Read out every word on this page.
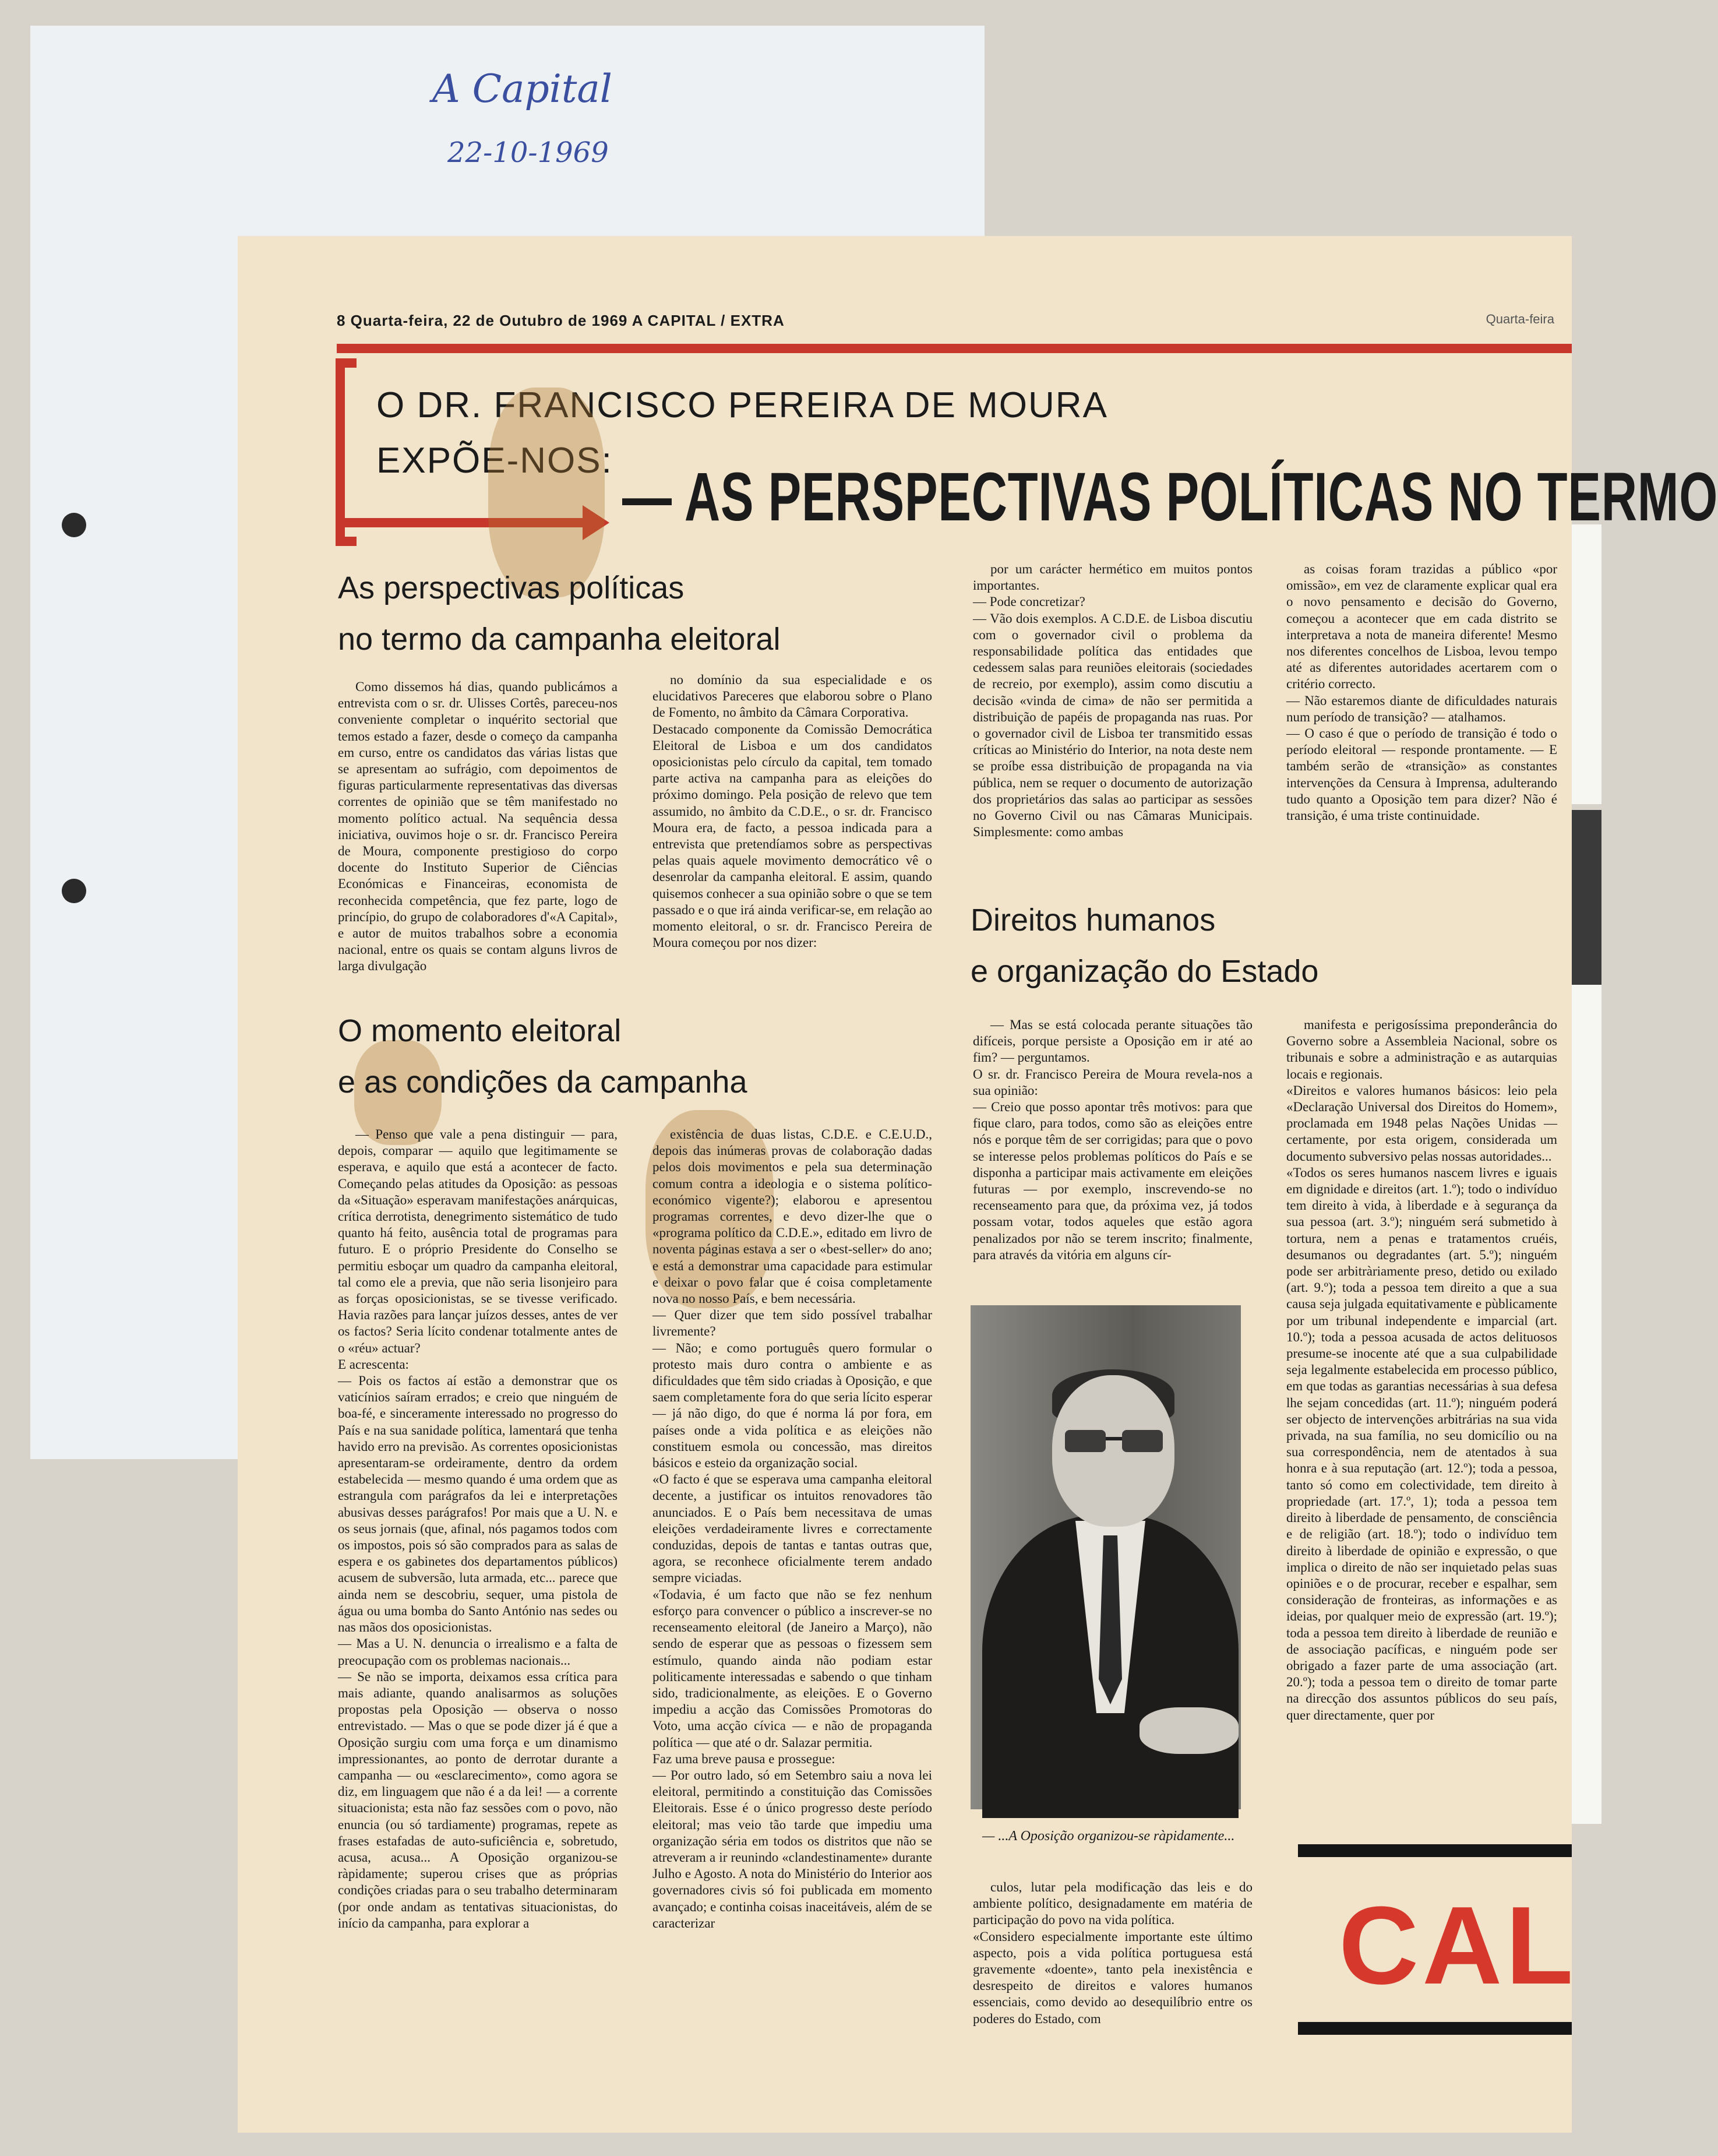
A Capital
22-10-1969
8 Quarta-feira, 22 de Outubro de 1969 A CAPITAL / EXTRA	Quarta-feira
O DR. FRANCISCO PEREIRA DE MOURA
EXPÕE-NOS: — AS PERSPECTIVAS POLÍTICAS NO TERMO
As perspectivas políticas
no termo da campanha eleitoral

Como dissemos há dias, quando publicámos a entrevista com o sr. dr. Ulisses Cortês, pareceu-nos conveniente completar o inquérito sectorial que temos estado a fazer, desde o começo da campanha em curso, entre os candidatos das várias listas que se apresentam ao sufrágio, com depoimentos de figuras particularmente representativas das diversas correntes de opinião que se têm manifestado no momento político actual. Na sequência dessa iniciativa, ouvimos hoje o sr. dr. Francisco Pereira de Moura, componente prestigioso do corpo docente do Instituto Superior de Ciências Económicas e Financeiras, economista de reconhecida competência, que fez parte, logo de princípio, do grupo de colaboradores d'«A Capital», e autor de muitos trabalhos sobre a economia nacional, entre os quais se contam alguns livros de larga divulgação

no domínio da sua especialidade e os elucidativos Pareceres que elaborou sobre o Plano de Fomento, no âmbito da Câmara Corporativa.
Destacado componente da Comissão Democrática Eleitoral de Lisboa e um dos candidatos oposicionistas pelo círculo da capital, tem tomado parte activa na campanha para as eleições do próximo domingo. Pela posição de relevo que tem assumido, no âmbito da C.D.E., o sr. dr. Francisco Moura era, de facto, a pessoa indicada para a entrevista que pretendíamos sobre as perspectivas pelas quais aquele movimento democrático vê o desenrolar da campanha eleitoral. E assim, quando quisemos conhecer a sua opinião sobre o que se tem passado e o que irá ainda verificar-se, em relação ao momento eleitoral, o sr. dr. Francisco Pereira de Moura começou por nos dizer:

por um carácter hermético em muitos pontos importantes.
— Pode concretizar?
— Vão dois exemplos. A C.D.E. de Lisboa discutiu com o governador civil o problema da responsabilidade política das entidades que cedessem salas para reuniões eleitorais (sociedades de recreio, por exemplo), assim como discutiu a decisão «vinda de cima» de não ser permitida a distribuição de papéis de propaganda nas ruas. Por o governador civil de Lisboa ter transmitido essas críticas ao Ministério do Interior, na nota deste nem se proíbe essa distribuição de propaganda na via pública, nem se requer o documento de autorização dos proprietários das salas ao participar as sessões no Governo Civil ou nas Câmaras Municipais. Simplesmente: como ambas

as coisas foram trazidas a público «por omissão», em vez de claramente explicar qual era o novo pensamento e decisão do Governo, começou a acontecer que em cada distrito se interpretava a nota de maneira diferente! Mesmo nos diferentes concelhos de Lisboa, levou tempo até as diferentes autoridades acertarem com o critério correcto.
— Não estaremos diante de dificuldades naturais num período de transição? — atalhamos.
— O caso é que o período de transição é todo o período eleitoral — responde prontamente. — E também serão de «transição» as constantes intervenções da Censura à Imprensa, adulterando tudo quanto a Oposição tem para dizer? Não é transição, é uma triste continuidade.

O momento eleitoral
e as condições da campanha
Direitos humanos
e organização do Estado

— Penso que vale a pena distinguir — para, depois, comparar — aquilo que legitimamente se esperava, e aquilo que está a acontecer de facto. Começando pelas atitudes da Oposição: as pessoas da «Situação» esperavam manifestações anárquicas, crítica derrotista, denegrimento sistemático de tudo quanto há feito, ausência total de programas para futuro. E o próprio Presidente do Conselho se permitiu esboçar um quadro da campanha eleitoral, tal como ele a previa, que não seria lisonjeiro para as forças oposicionistas, se se tivesse verificado. Havia razões para lançar juízos desses, antes de ver os factos? Seria lícito condenar totalmente antes de o «réu» actuar?
E acrescenta:
— Pois os factos aí estão a demonstrar que os vaticínios saíram errados; e creio que ninguém de boa-fé, e sinceramente interessado no progresso do País e na sua sanidade política, lamentará que tenha havido erro na previsão. As correntes oposicionistas apresentaram-se ordeiramente, dentro da ordem estabelecida — mesmo quando é uma ordem que as estrangula com parágrafos da lei e interpretações abusivas desses parágrafos! Por mais que a U. N. e os seus jornais (que, afinal, nós pagamos todos com os impostos, pois só são comprados para as salas de espera e os gabinetes dos departamentos públicos) acusem de subversão, luta armada, etc... parece que ainda nem se descobriu, sequer, uma pistola de água ou uma bomba do Santo António nas sedes ou nas mãos dos oposicionistas.
— Mas a U. N. denuncia o irrealismo e a falta de preocupação com os problemas nacionais...
— Se não se importa, deixamos essa crítica para mais adiante, quando analisarmos as soluções propostas pela Oposição — observa o nosso entrevistado. — Mas o que se pode dizer já é que a Oposição surgiu com uma força e um dinamismo impressionantes, ao ponto de derrotar durante a campanha — ou «esclarecimento», como agora se diz, em linguagem que não é a da lei! — a corrente situacionista; esta não faz sessões com o povo, não enuncia (ou só tardiamente) programas, repete as frases estafadas de auto-suficiência e, sobretudo, acusa, acusa... A Oposição organizou-se ràpidamente; superou crises que as próprias condições criadas para o seu trabalho determinaram (por onde andam as tentativas situacionistas, do início da campanha, para explorar a

existência de duas listas, C.D.E. e C.E.U.D., depois das inúmeras provas de colaboração dadas pelos dois movimentos e pela sua determinação comum contra a ideologia e o sistema político-económico vigente?); elaborou e apresentou programas correntes, e devo dizer-lhe que o «programa político da C.D.E.», editado em livro de noventa páginas estava a ser o «best-seller» do ano; e está a demonstrar uma capacidade para estimular e deixar o povo falar que é coisa completamente nova no nosso País, e bem necessária.
— Quer dizer que tem sido possível trabalhar livremente?
— Não; e como português quero formular o protesto mais duro contra o ambiente e as dificuldades que têm sido criadas à Oposição, e que saem completamente fora do que seria lícito esperar — já não digo, do que é norma lá por fora, em países onde a vida política e as eleições não constituem esmola ou concessão, mas direitos básicos e esteio da organização social.
«O facto é que se esperava uma campanha eleitoral decente, a justificar os intuitos renovadores tão anunciados. E o País bem necessitava de umas eleições verdadeiramente livres e correctamente conduzidas, depois de tantas e tantas outras que, agora, se reconhece oficialmente terem andado sempre viciadas.
«Todavia, é um facto que não se fez nenhum esforço para convencer o público a inscrever-se no recenseamento eleitoral (de Janeiro a Março), não sendo de esperar que as pessoas o fizessem sem estímulo, quando ainda não podiam estar politicamente interessadas e sabendo o que tinham sido, tradicionalmente, as eleições. E o Governo impediu a acção das Comissões Promotoras do Voto, uma acção cívica — e não de propaganda política — que até o dr. Salazar permitia.
Faz uma breve pausa e prossegue:
— Por outro lado, só em Setembro saiu a nova lei eleitoral, permitindo a constituição das Comissões Eleitorais. Esse é o único progresso deste período eleitoral; mas veio tão tarde que impediu uma organização séria em todos os distritos que não se atreveram a ir reunindo «clandestinamente» durante Julho e Agosto. A nota do Ministério do Interior aos governadores civis só foi publicada em momento avançado; e continha coisas inaceitáveis, além de se caracterizar

— Mas se está colocada perante situações tão difíceis, porque persiste a Oposição em ir até ao fim? — perguntamos.
O sr. dr. Francisco Pereira de Moura revela-nos a sua opinião:
— Creio que posso apontar três motivos: para que fique claro, para todos, como são as eleições entre nós e porque têm de ser corrigidas; para que o povo se interesse pelos problemas políticos do País e se disponha a participar mais activamente em eleições futuras — por exemplo, inscrevendo-se no recenseamento para que, da próxima vez, já todos possam votar, todos aqueles que estão agora penalizados por não se terem inscrito; finalmente, para através da vitória em alguns cír-

— ...A Oposição organizou-se ràpidamente...

culos, lutar pela modificação das leis e do ambiente político, designadamente em matéria de participação do povo na vida política.
«Considero especialmente importante este último aspecto, pois a vida política portuguesa está gravemente «doente», tanto pela inexistência e desrespeito de direitos e valores humanos essenciais, como devido ao desequilíbrio entre os poderes do Estado, com

manifesta e perigosíssima preponderância do Governo sobre a Assembleia Nacional, sobre os tribunais e sobre a administração e as autarquias locais e regionais.
«Direitos e valores humanos básicos: leio pela «Declaração Universal dos Direitos do Homem», proclamada em 1948 pelas Nações Unidas — certamente, por esta origem, considerada um documento subversivo pelas nossas autoridades...
«Todos os seres humanos nascem livres e iguais em dignidade e direitos (art. 1.º); todo o indivíduo tem direito à vida, à liberdade e à segurança da sua pessoa (art. 3.º); ninguém será submetido à tortura, nem a penas e tratamentos cruéis, desumanos ou degradantes (art. 5.º); ninguém pode ser arbitràriamente preso, detido ou exilado (art. 9.º); toda a pessoa tem direito a que a sua causa seja julgada equitativamente e pùblicamente por um tribunal independente e imparcial (art. 10.º); toda a pessoa acusada de actos delituosos presume-se inocente até que a sua culpabilidade seja legalmente estabelecida em processo público, em que todas as garantias necessárias à sua defesa lhe sejam concedidas (art. 11.º); ninguém poderá ser objecto de intervenções arbitrárias na sua vida privada, na sua família, no seu domicílio ou na sua correspondência, nem de atentados à sua honra e à sua reputação (art. 12.º); toda a pessoa, tanto só como em colectividade, tem direito à propriedade (art. 17.º, 1); toda a pessoa tem direito à liberdade de pensamento, de consciência e de religião (art. 18.º); todo o indivíduo tem direito à liberdade de opinião e expressão, o que implica o direito de não ser inquietado pelas suas opiniões e o de procurar, receber e espalhar, sem consideração de fronteiras, as informações e as ideias, por qualquer meio de expressão (art. 19.º); toda a pessoa tem direito à liberdade de reunião e de associação pacíficas, e ninguém pode ser obrigado a fazer parte de uma associação (art. 20.º); toda a pessoa tem o direito de tomar parte na direcção dos assuntos públicos do seu país, quer directamente, quer por

CAL
